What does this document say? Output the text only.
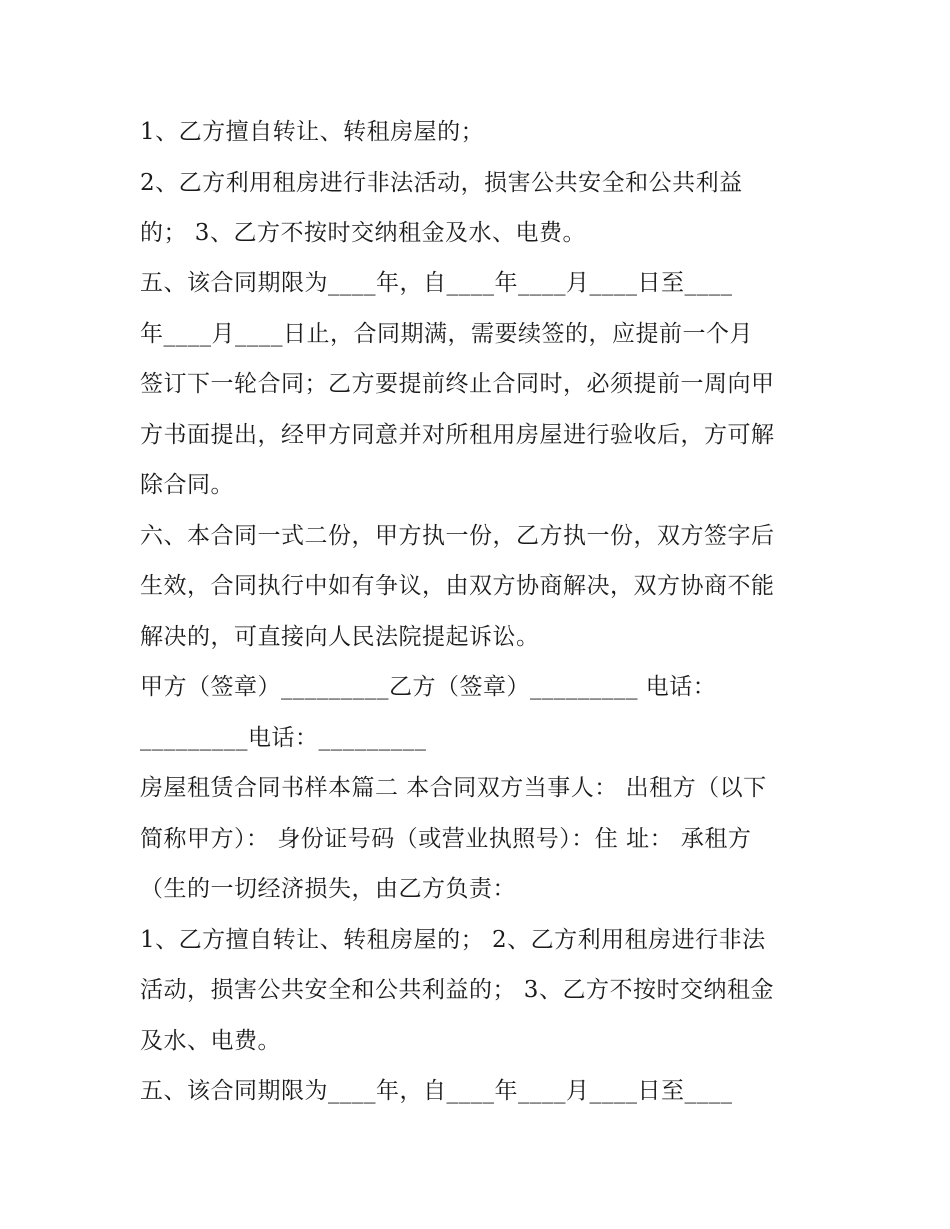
1、乙方擅自转让、转租房屋的；
2、乙方利用租房进行非法活动，损害公共安全和公共利益
的； 3、乙方不按时交纳租金及水、电费。
五、该合同期限为____年，自____年____月____日至____
年____月____日止，合同期满，需要续签的，应提前一个月
签订下一轮合同；乙方要提前终止合同时，必须提前一周向甲
方书面提出，经甲方同意并对所租用房屋进行验收后，方可解
除合同。
六、本合同一式二份，甲方执一份，乙方执一份，双方签字后
生效，合同执行中如有争议，由双方协商解决，双方协商不能
解决的，可直接向人民法院提起诉讼。
甲方（签章）_________乙方（签章）_________ 电话：
_________电话：_________
房屋租赁合同书样本篇二 本合同双方当事人： 出租方（以下
简称甲方）： 身份证号码（或营业执照号）：住 址： 承租方
（生的一切经济损失，由乙方负责：
1、乙方擅自转让、转租房屋的； 2、乙方利用租房进行非法
活动，损害公共安全和公共利益的； 3、乙方不按时交纳租金
及水、电费。
五、该合同期限为____年，自____年____月____日至____
